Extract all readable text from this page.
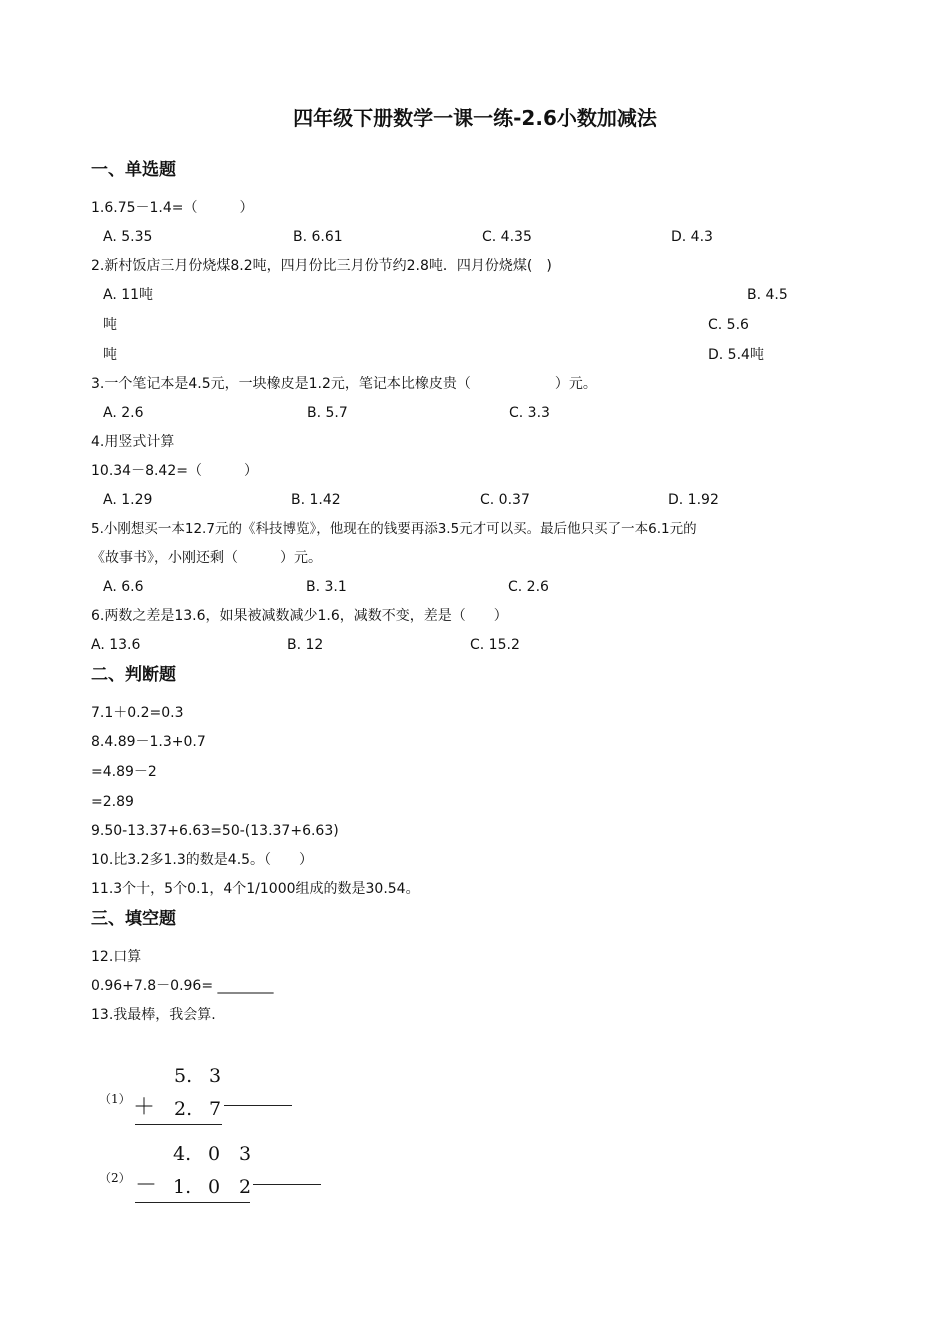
四年级下册数学一课一练-2.6小数加减法
一、单选题
1.6.75－1.4=（　　　）
A. 5.35	B. 6.61	C. 4.35	D. 4.3
2.新村饭店三月份烧煤8.2吨，四月份比三月份节约2.8吨．四月份烧煤(　)
A. 11吨	B. 4.5
吨	C. 5.6
吨	D. 5.4吨
3.一个笔记本是4.5元，一块橡皮是1.2元，笔记本比橡皮贵（　　　　　　）元。
A. 2.6	B. 5.7	C. 3.3
4.用竖式计算
10.34－8.42=（　　　）
A. 1.29	B. 1.42	C. 0.37	D. 1.92
5.小刚想买一本12.7元的《科技博览》，他现在的钱要再添3.5元才可以买。最后他只买了一本6.1元的
《故事书》，小刚还剩（　　　）元。
A. 6.6	B. 3.1	C. 2.6
6.两数之差是13.6，如果被减数减少1.6，减数不变，差是（　　）
A. 13.6	B. 12	C. 15.2
二、判断题
7.1＋0.2=0.3
8.4.89－1.3+0.7
=4.89－2
=2.89
9.50-13.37+6.63=50-(13.37+6.63)
10.比3.2多1.3的数是4.5。（　　）
11.3个十，5个0.1，4个1/1000组成的数是30.54。
三、填空题
12.口算
0.96+7.8－0.96= ________
13.我最棒，我会算.
5. 3
（1） ＋ 2. 7
4. 0 3
（2） － 1. 0 2
